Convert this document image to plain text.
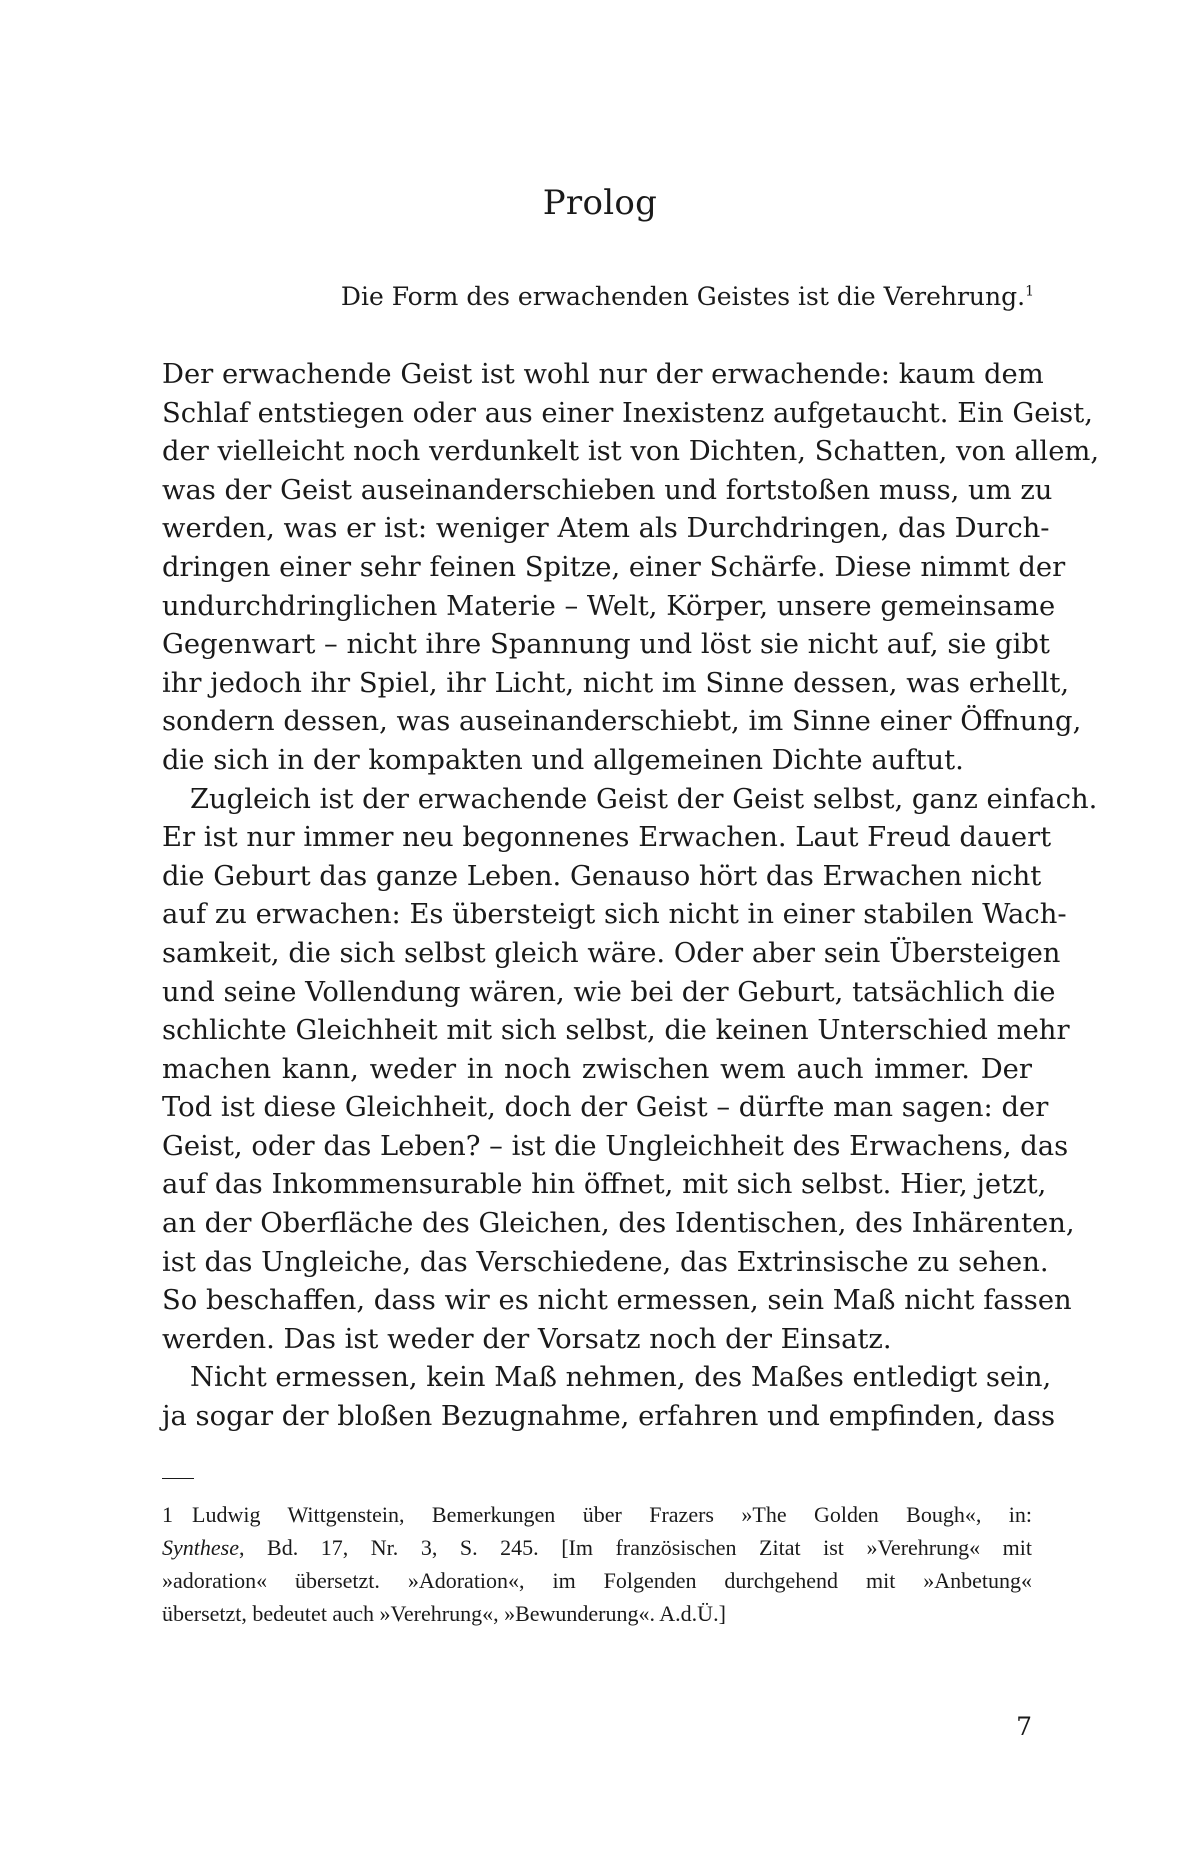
Prolog
Die Form des erwachenden Geistes ist die Verehrung.$^1$
Der erwachende Geist ist wohl nur der erwachende: kaum dem
Schlaf entstiegen oder aus einer Inexistenz aufgetaucht. Ein Geist,
der vielleicht noch verdunkelt ist von Dichten, Schatten, von allem,
was der Geist auseinanderschieben und fortstoßen muss, um zu
werden, was er ist: weniger Atem als Durchdringen, das Durch-
dringen einer sehr feinen Spitze, einer Schärfe. Diese nimmt der
undurchdringlichen Materie – Welt, Körper, unsere gemeinsame
Gegenwart – nicht ihre Spannung und löst sie nicht auf, sie gibt
ihr jedoch ihr Spiel, ihr Licht, nicht im Sinne dessen, was erhellt,
sondern dessen, was auseinanderschiebt, im Sinne einer Öffnung,
die sich in der kompakten und allgemeinen Dichte auftut.
Zugleich ist der erwachende Geist der Geist selbst, ganz einfach.
Er ist nur immer neu begonnenes Erwachen. Laut Freud dauert
die Geburt das ganze Leben. Genauso hört das Erwachen nicht
auf zu erwachen: Es übersteigt sich nicht in einer stabilen Wach-
samkeit, die sich selbst gleich wäre. Oder aber sein Übersteigen
und seine Vollendung wären, wie bei der Geburt, tatsächlich die
schlichte Gleichheit mit sich selbst, die keinen Unterschied mehr
machen kann, weder in noch zwischen wem auch immer. Der
Tod ist diese Gleichheit, doch der Geist – dürfte man sagen: der
Geist, oder das Leben? – ist die Ungleichheit des Erwachens, das
auf das Inkommensurable hin öffnet, mit sich selbst. Hier, jetzt,
an der Oberfläche des Gleichen, des Identischen, des Inhärenten,
ist das Ungleiche, das Verschiedene, das Extrinsische zu sehen.
So beschaffen, dass wir es nicht ermessen, sein Maß nicht fassen
werden. Das ist weder der Vorsatz noch der Einsatz.
Nicht ermessen, kein Maß nehmen, des Maßes entledigt sein,
ja sogar der bloßen Bezugnahme, erfahren und empfinden, dass
1 Ludwig Wittgenstein, Bemerkungen über Frazers »The Golden Bough«, in:
Synthese, Bd. 17, Nr. 3, S. 245. [Im französischen Zitat ist »Verehrung« mit
»adoration« übersetzt. »Adoration«, im Folgenden durchgehend mit »Anbetung«
übersetzt, bedeutet auch »Verehrung«, »Bewunderung«. A.d.Ü.]
7
